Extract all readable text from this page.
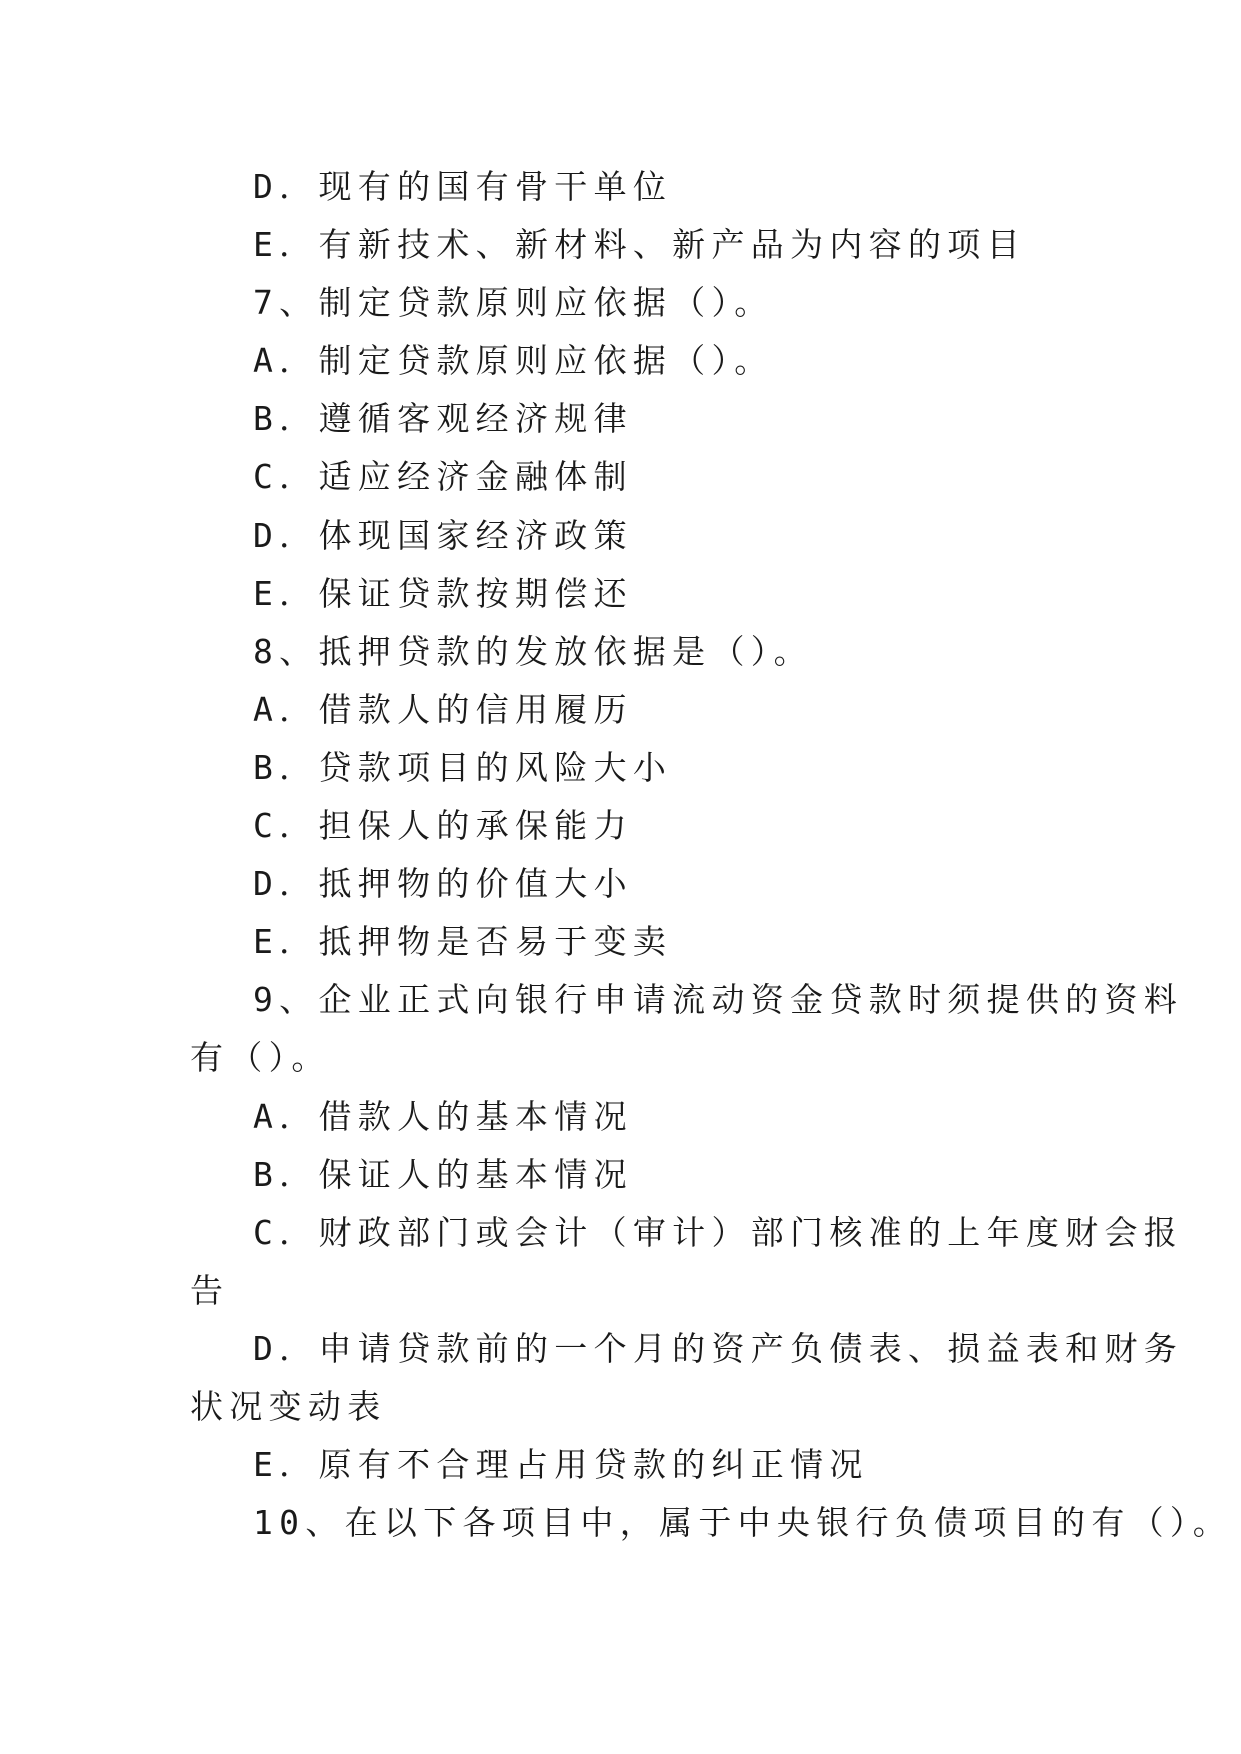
D．现有的国有骨干单位
E．有新技术、新材料、新产品为内容的项目
7、制定贷款原则应依据（）。
A．制定贷款原则应依据（）。
B．遵循客观经济规律
C．适应经济金融体制
D．体现国家经济政策
E．保证贷款按期偿还
8、抵押贷款的发放依据是（）。
A．借款人的信用履历
B．贷款项目的风险大小
C．担保人的承保能力
D．抵押物的价值大小
E．抵押物是否易于变卖
9、企业正式向银行申请流动资金贷款时须提供的资料
有（）。
A．借款人的基本情况
B．保证人的基本情况
C．财政部门或会计（审计）部门核准的上年度财会报
告
D．申请贷款前的一个月的资产负债表、损益表和财务
状况变动表
E．原有不合理占用贷款的纠正情况
10、在以下各项目中，属于中央银行负债项目的有（）。
